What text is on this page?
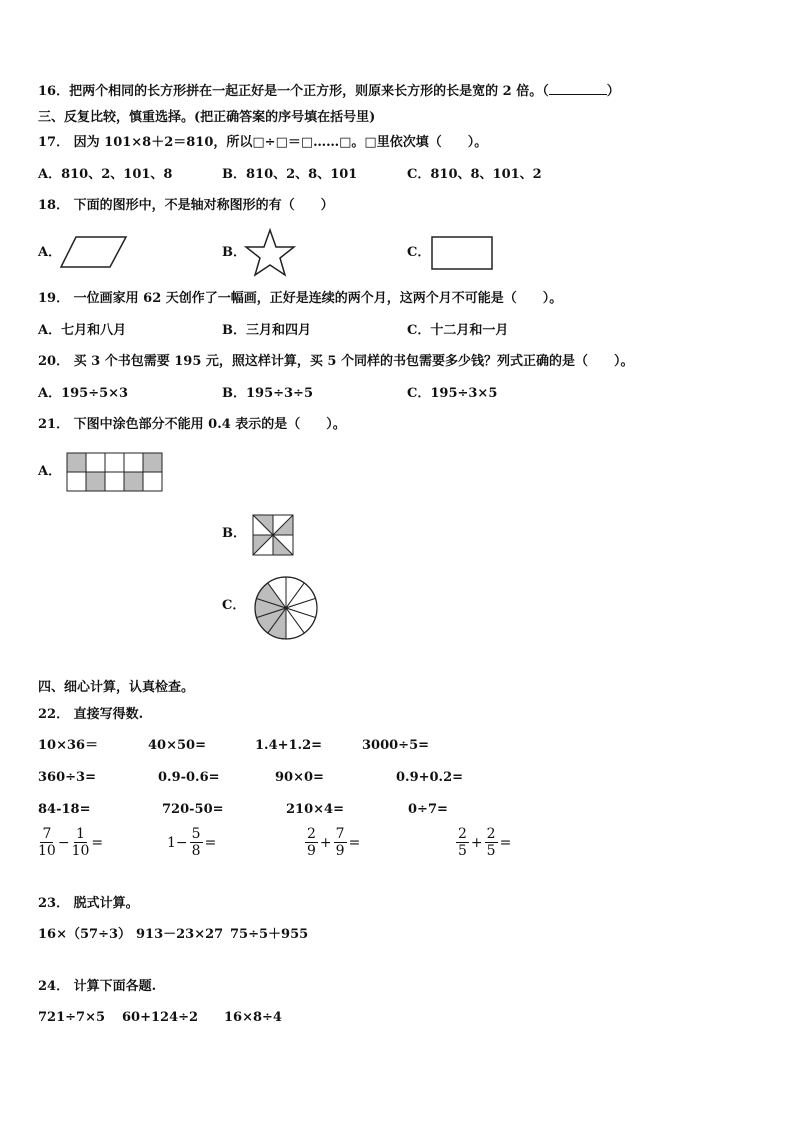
16．把两个相同的长方形拼在一起正好是一个正方形，则原来长方形的长是宽的 2 倍。（	）
三、反复比较，慎重选择。(把正确答案的序号填在括号里)
17． 因为 101×8＋2＝810，所以□÷□＝□……□。□里依次填（　　）。
A．810、2、101、8	B．810、2、8、101	C．810、8、101、2
18． 下面的图形中，不是轴对称图形的有（　　）
A．	B．	C．
19． 一位画家用 62 天创作了一幅画，正好是连续的两个月，这两个月不可能是（　　）。
A．七月和八月	B．三月和四月	C．十二月和一月
20． 买 3 个书包需要 195 元，照这样计算，买 5 个同样的书包需要多少钱？列式正确的是（　　）。
A．195÷5×3	B．195÷3÷5	C．195÷3×5
21． 下图中涂色部分不能用 0.4 表示的是（　　）。
A．
B．
C．
四、细心计算，认真检查。
22． 直接写得数.
10×36＝	40×50=	1.4+1.2=	3000÷5=
360÷3=	0.9-0.6=	90×0=	0.9+0.2=
84-18=	720-50=	210×4=	0÷7=
$\frac{7}{10} - \frac{1}{10}$ =	$1- \frac{5}{8}$ =	$\frac{2}{9} + \frac{7}{9}$ =	$\frac{2}{5} + \frac{2}{5}$ =
23． 脱式计算。
16×（57÷3） 913－23×27 75÷5＋955
24． 计算下面各题.
721÷7×5 60+124÷2 16×8÷4
